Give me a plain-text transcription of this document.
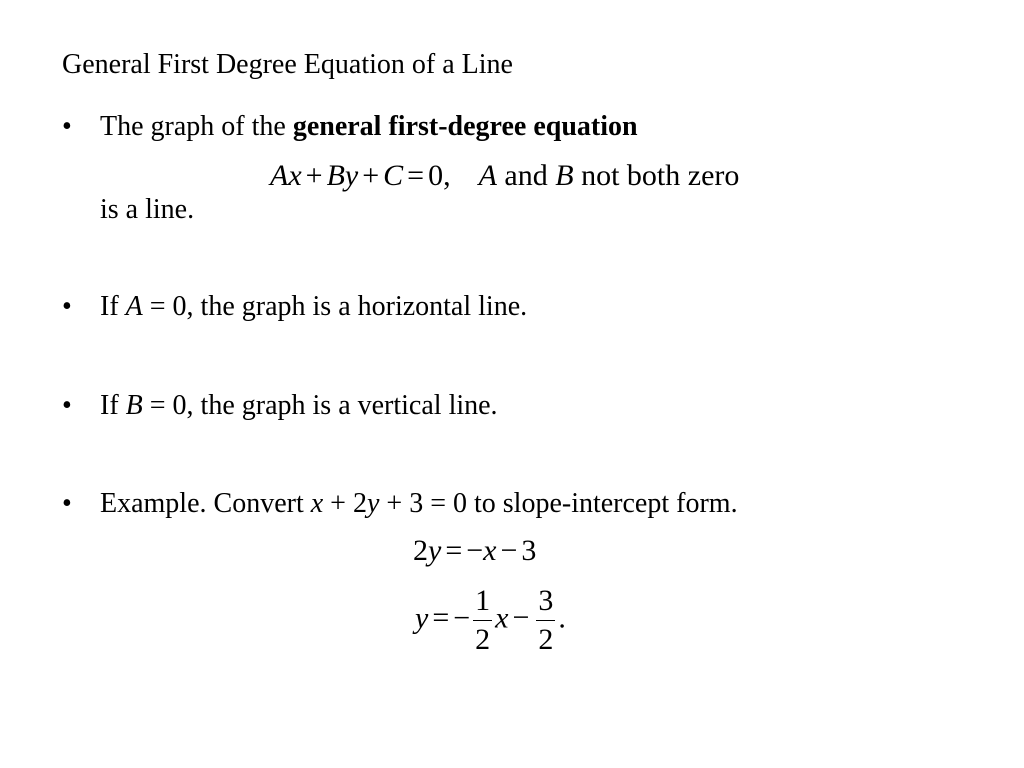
General First Degree Equation of a Line
• The graph of the general first-degree equation
Ax + By + C = 0, A and B not both zero
is a line.
• If A = 0, the graph is a horizontal line.
• If B = 0, the graph is a vertical line.
• Example. Convert x + 2y + 3 = 0 to slope-intercept form.
2y = −x − 3
y = − $\frac{1}{2}$ $x - \frac{3}{2}$ .
